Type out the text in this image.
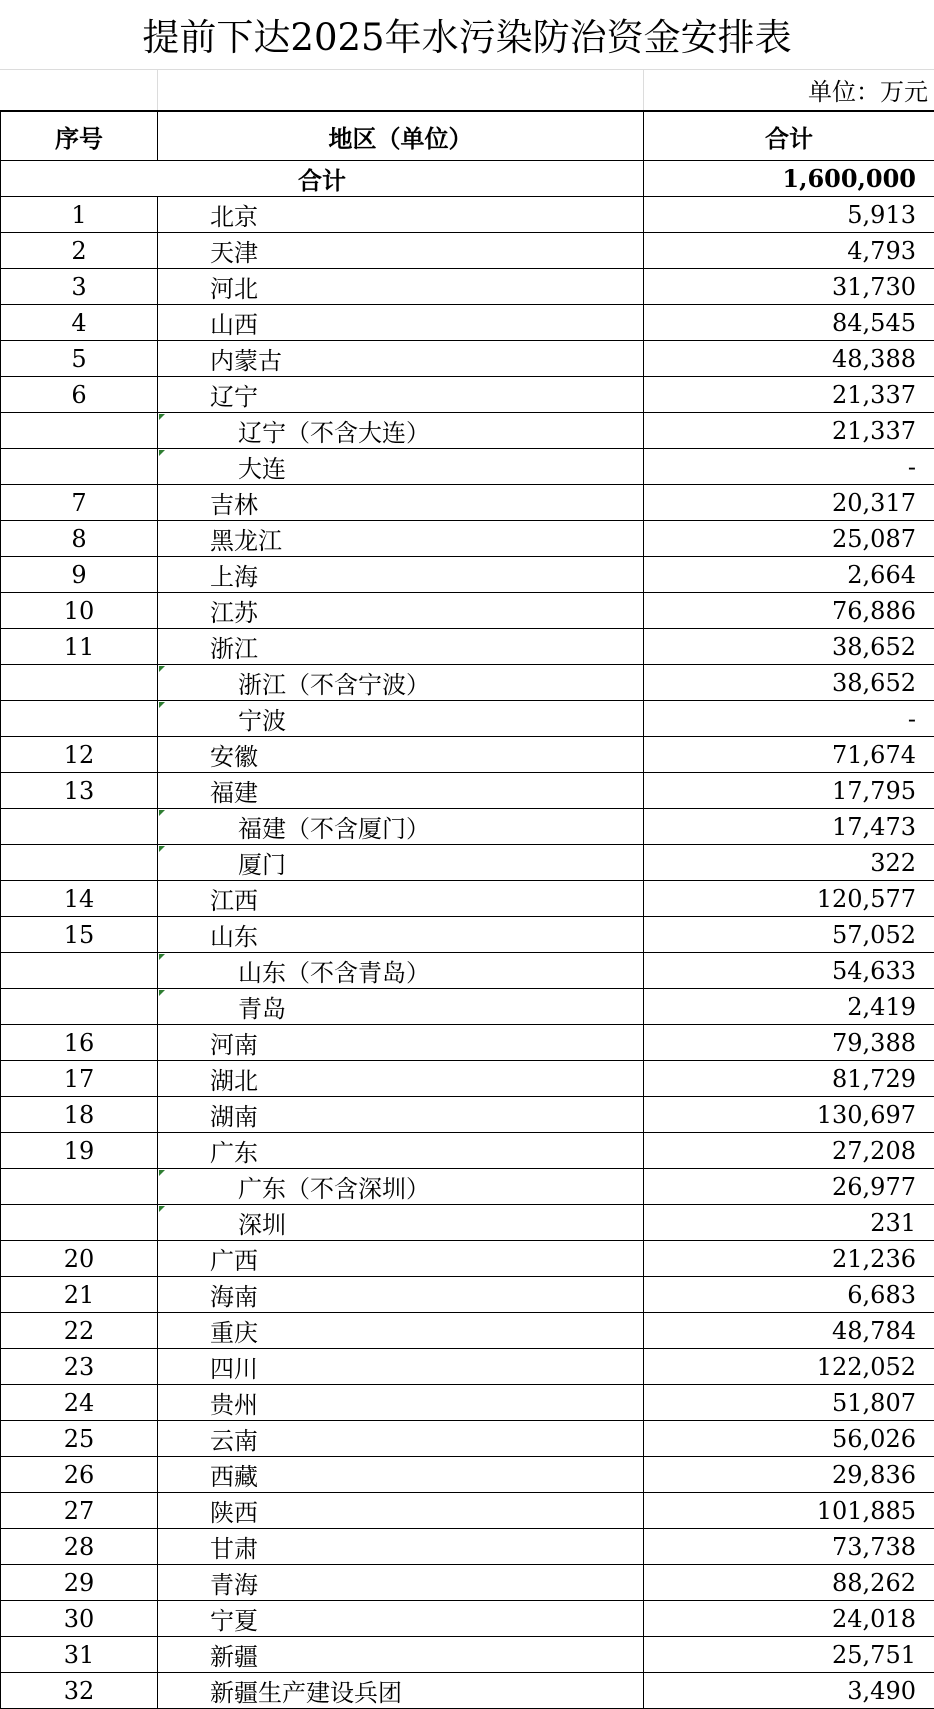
提前下达2025年水污染防治资金安排表
单位：万元
序号	地区（单位）	合计
合计		1,600,000
1	北京	5,913
2	天津	4,793
3	河北	31,730
4	山西	84,545
5	内蒙古	48,388
6	辽宁	21,337
	辽宁（不含大连）	21,337
	大连	-
7	吉林	20,317
8	黑龙江	25,087
9	上海	2,664
10	江苏	76,886
11	浙江	38,652
	浙江（不含宁波）	38,652
	宁波	-
12	安徽	71,674
13	福建	17,795
	福建（不含厦门）	17,473
	厦门	322
14	江西	120,577
15	山东	57,052
	山东（不含青岛）	54,633
	青岛	2,419
16	河南	79,388
17	湖北	81,729
18	湖南	130,697
19	广东	27,208
	广东（不含深圳）	26,977
	深圳	231
20	广西	21,236
21	海南	6,683
22	重庆	48,784
23	四川	122,052
24	贵州	51,807
25	云南	56,026
26	西藏	29,836
27	陕西	101,885
28	甘肃	73,738
29	青海	88,262
30	宁夏	24,018
31	新疆	25,751
32	新疆生产建设兵团	3,490
